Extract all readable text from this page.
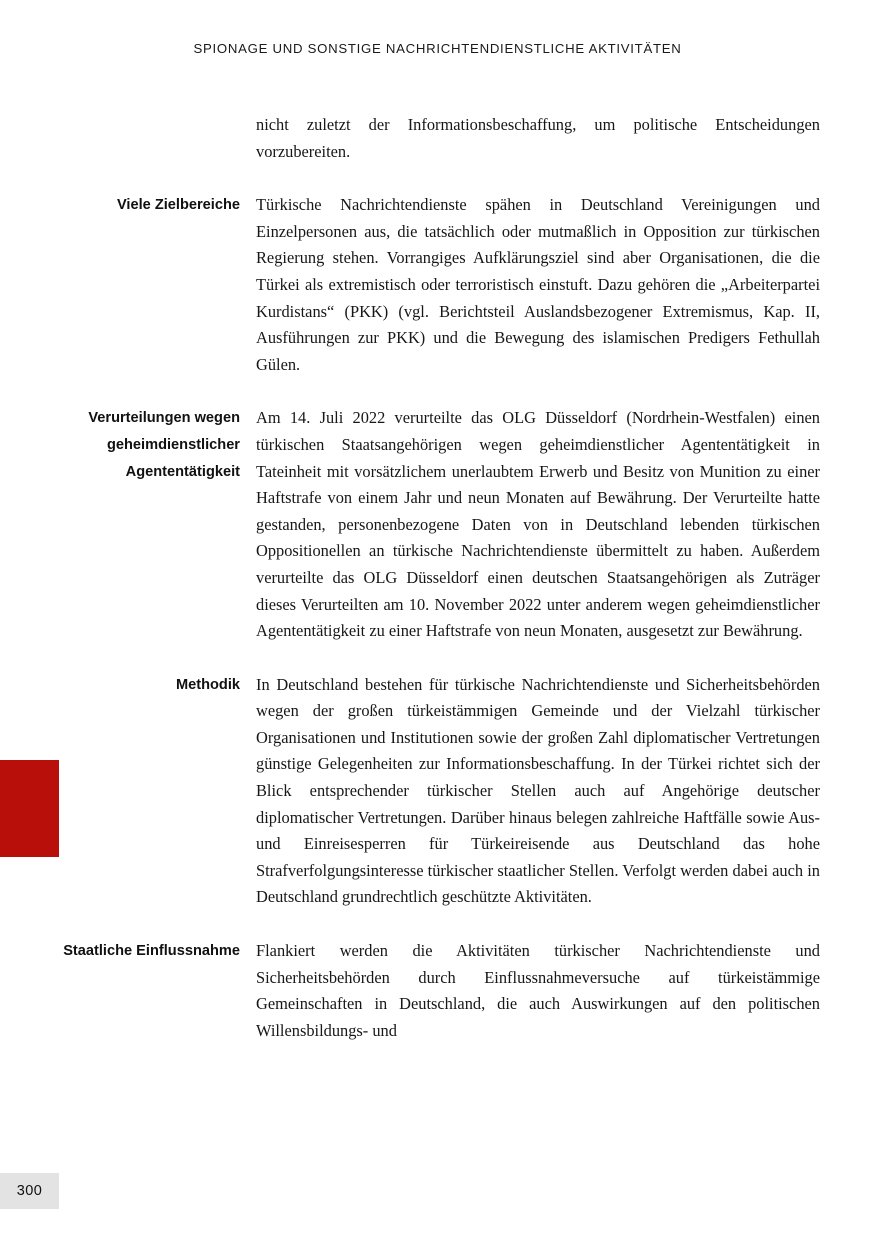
SPIONAGE UND SONSTIGE NACHRICHTENDIENSTLICHE AKTIVITÄTEN
300

nicht zuletzt der Informationsbeschaffung, um politische Entscheidungen vorzubereiten.

Viele Zielbereiche Türkische Nachrichtendienste spähen in Deutschland Vereinigungen und Einzelpersonen aus, die tatsächlich oder mutmaßlich in Opposition zur türkischen Regierung stehen. Vorrangiges Aufklärungsziel sind aber Organisationen, die die Türkei als extremistisch oder terroristisch einstuft. Dazu gehören die „Arbeiterpartei Kurdistans“ (PKK) (vgl. Berichtsteil Auslandsbezogener Extremismus, Kap. II, Ausführungen zur PKK) und die Bewegung des islamischen Predigers Fethullah Gülen.

Verurteilungen wegen geheimdienstlicher Agententätigkeit

Am 14. Juli 2022 verurteilte das OLG Düsseldorf (Nordrhein-Westfalen) einen türkischen Staatsangehörigen wegen geheimdienstlicher Agententätigkeit in Tateinheit mit vorsätzlichem unerlaubtem Erwerb und Besitz von Munition zu einer Haftstrafe von einem Jahr und neun Monaten auf Bewährung. Der Verurteilte hatte gestanden, personenbezogene Daten von in Deutschland lebenden türkischen Oppositionellen an türkische Nachrichtendienste übermittelt zu haben. Außerdem verurteilte das OLG Düsseldorf einen deutschen Staatsangehörigen als Zuträger dieses Verurteilten am 10. November 2022 unter anderem wegen geheimdienstlicher Agententätigkeit zu einer Haftstrafe von neun Monaten, ausgesetzt zur Bewährung.

Methodik In Deutschland bestehen für türkische Nachrichtendienste und Sicherheitsbehörden wegen der großen türkeistämmigen Gemeinde und der Vielzahl türkischer Organisationen und Institutionen sowie der großen Zahl diplomatischer Vertretungen günstige Gelegenheiten zur Informationsbeschaffung. In der Türkei richtet sich der Blick entsprechender türkischer Stellen auch auf Angehörige deutscher diplomatischer Vertretungen. Darüber hinaus belegen zahlreiche Haftfälle sowie Aus- und Einreisesperren für Türkeireisende aus Deutschland das hohe Strafverfolgungsinteresse türkischer staatlicher Stellen. Verfolgt werden dabei auch in Deutschland grundrechtlich geschützte Aktivitäten.

Staatliche Einflussnahme Flankiert werden die Aktivitäten türkischer Nachrichtendienste und Sicherheitsbehörden durch Einflussnahmeversuche auf türkeistämmige Gemeinschaften in Deutschland, die auch Auswirkungen auf den politischen Willensbildungs- und
